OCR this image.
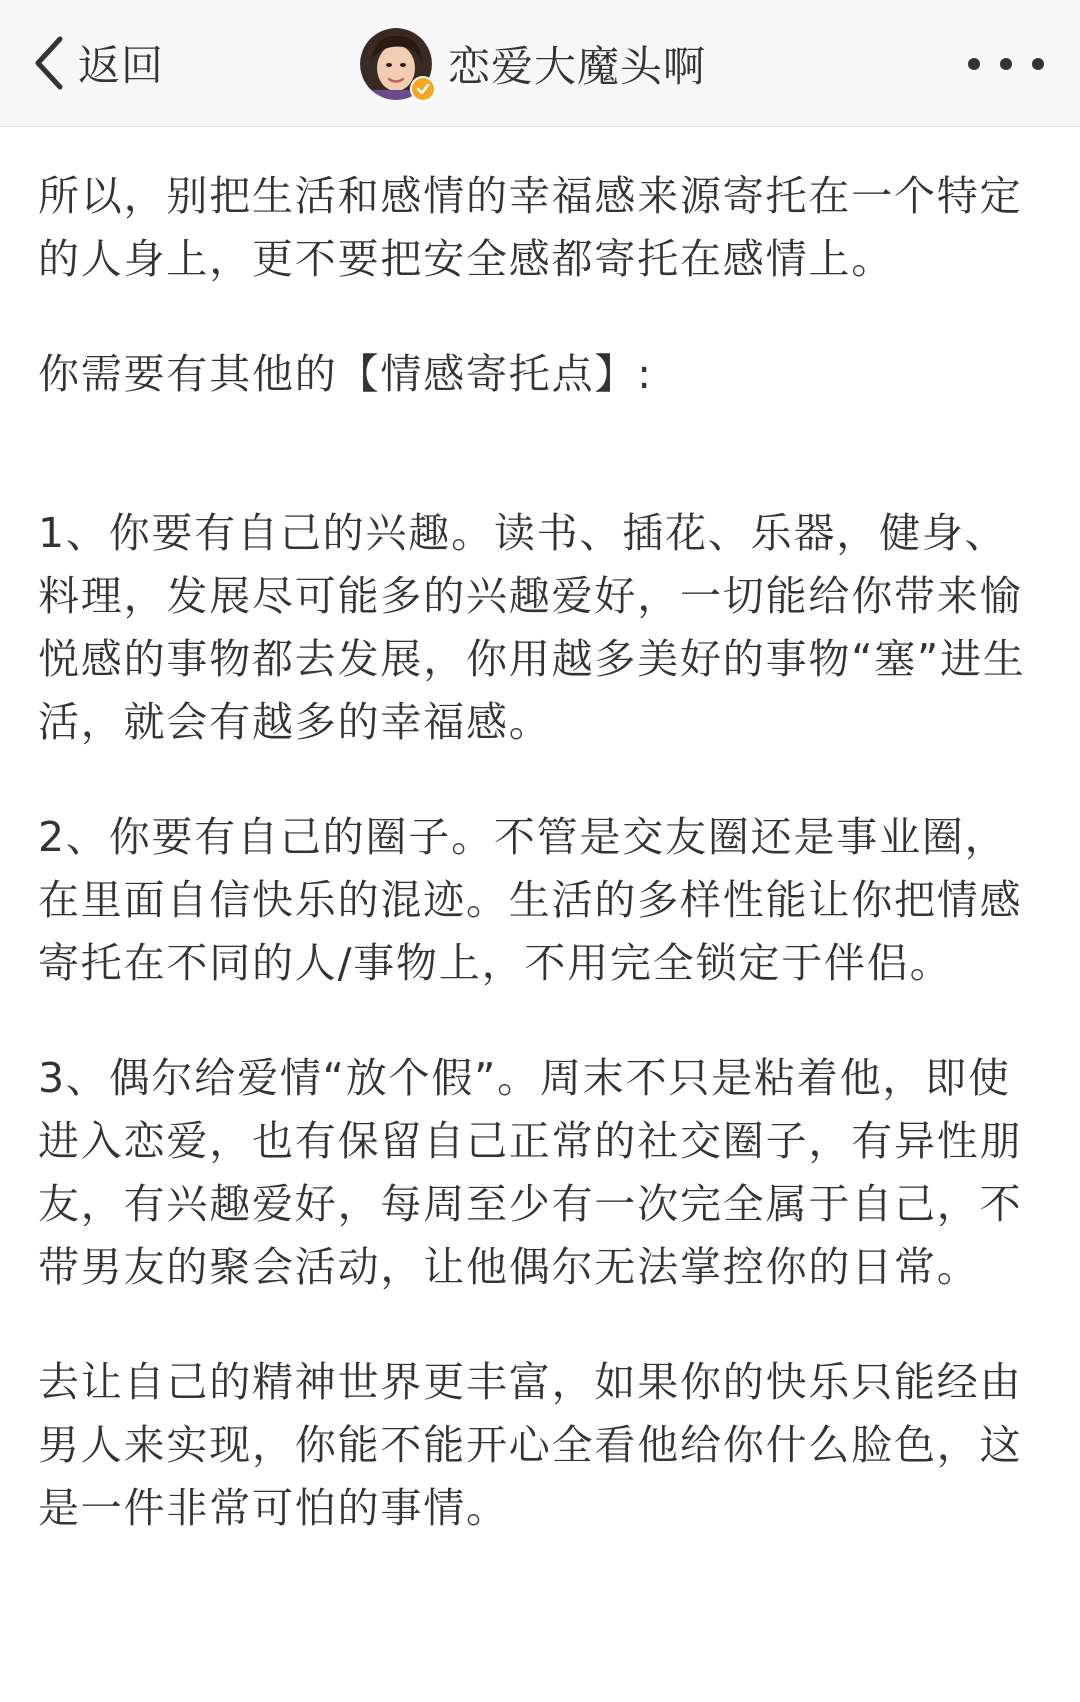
返回	恋爱大魔头啊

所以，别把生活和感情的幸福感来源寄托在一个特定的人身上，更不要把安全感都寄托在感情上。

你需要有其他的【情感寄托点】:

1、你要有自己的兴趣。读书、插花、乐器，健身、料理，发展尽可能多的兴趣爱好，一切能给你带来愉悦感的事物都去发展，你用越多美好的事物“塞”进生活，就会有越多的幸福感。

2、你要有自己的圈子。不管是交友圈还是事业圈，在里面自信快乐的混迹。生活的多样性能让你把情感寄托在不同的人/事物上，不用完全锁定于伴侣。

3、偶尔给爱情“放个假”。周末不只是粘着他，即使进入恋爱，也有保留自己正常的社交圈子，有异性朋友，有兴趣爱好，每周至少有一次完全属于自己，不带男友的聚会活动，让他偶尔无法掌控你的日常。

去让自己的精神世界更丰富，如果你的快乐只能经由男人来实现，你能不能开心全看他给你什么脸色，这是一件非常可怕的事情。
